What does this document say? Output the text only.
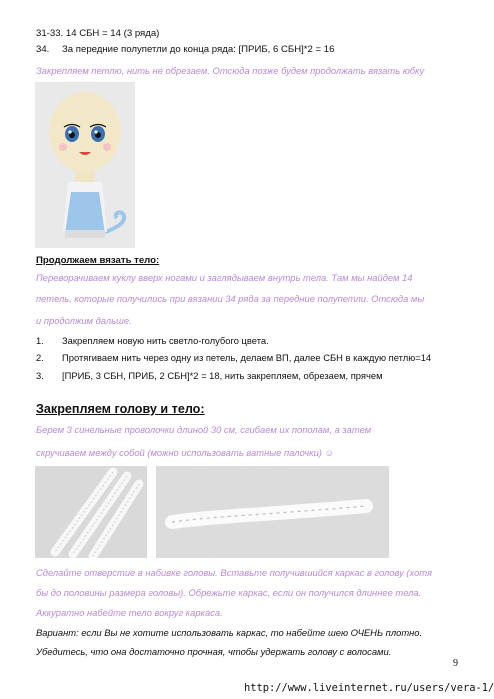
31-33. 14 СБН = 14 (3 ряда)
34. За передние полупетли до конца ряда: [ПРИБ, 6 СБН]*2 = 16
Закрепляем петлю, нить не обрезаем. Отсюда позже будем продолжать вязать юбку
Продолжаем вязать тело:
Переворачиваем куклу вверх ногами и заглядываем внутрь тела. Там мы найдем 14
петель, которые получились при вязании 34 ряда за передние полупетли. Отсюда мы
и продолжим дальше.
1. Закрепляем новую нить светло-голубого цвета.
2. Протягиваем нить через одну из петель, делаем ВП, далее СБН в каждую петлю=14
3. [ПРИБ, 3 СБН, ПРИБ, 2 СБН]*2 = 18, нить закрепляем, обрезаем, прячем
Закрепляем голову и тело:
Берем 3 синельные проволочки длиной 30 см, сгибаем их пополам, а затем
скручиваем между собой (можно использовать ватные палочки) ☺
Сделайте отверстие в набивке головы. Вставьте получившийся каркас в голову (хотя
бы до половины размера головы). Обрежьте каркас, если он получился длиннее тела.
Аккуратно набейте тело вокруг каркаса.
Вариант: если Вы не хотите использовать каркас, то набейте шею ОЧЕНЬ плотно.
Убедитесь, что она достаточно прочная, чтобы удержать голову с волосами.
9
http://www.liveinternet.ru/users/vera-1/
